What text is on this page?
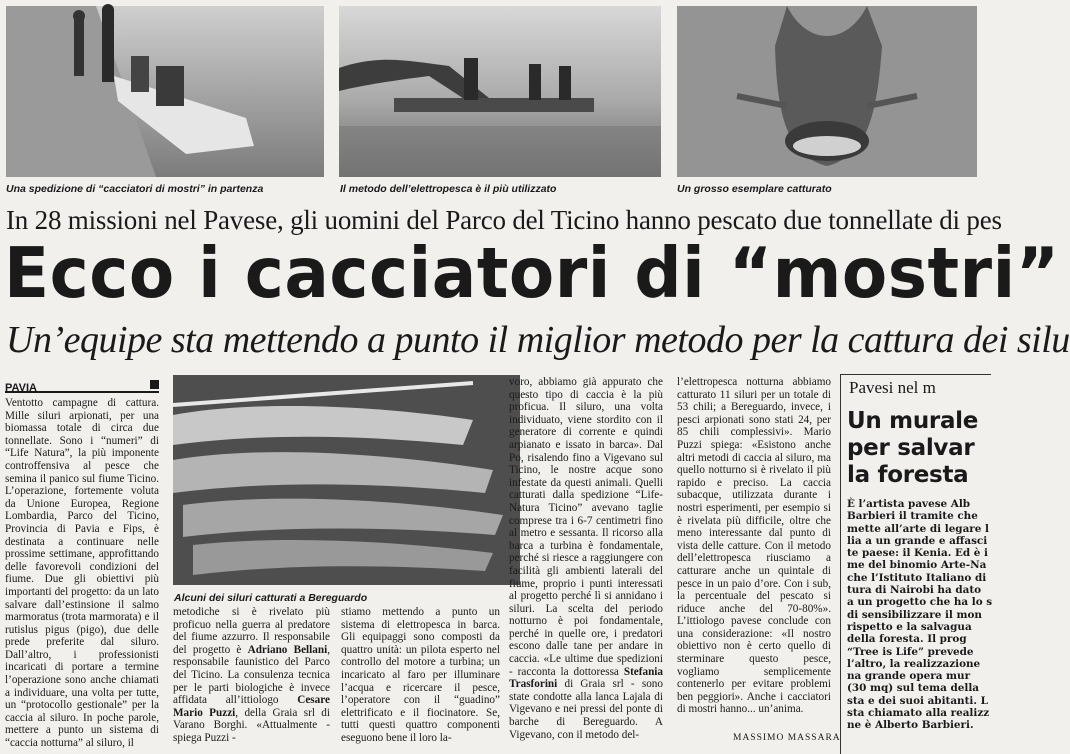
Una spedizione di “cacciatori di mostri” in partenza	Il metodo dell’elettropesca è il più utilizzato	Un grosso esemplare catturato
In 28 missioni nel Pavese, gli uomini del Parco del Ticino hanno pescato due tonnellate di pes
Ecco i cacciatori di “mostri”
Un’equipe sta mettendo a punto il miglior metodo per la cattura dei silu
PAVIA

Ventotto campagne di cattura. Mille siluri arpionati, per una biomassa totale di circa due tonnellate. Sono i “numeri” di “Life Natura”, la più imponente controffensiva al pesce che semina il panico sul fiume Ticino. L’operazione, fortemente voluta da Unione Europea, Regione Lombardia, Parco del Ticino, Provincia di Pavia e Fips, è destinata a continuare nelle prossime settimane, approfittando delle favorevoli condizioni del fiume. Due gli obiettivi più importanti del progetto: da un lato salvare dall’estinsione il salmo marmoratus (trota marmorata) e il rutislus pigus (pigo), due delle prede preferite dal siluro. Dall’altro, i professionisti incaricati di portare a termine l’operazione sono anche chiamati a individuare, una volta per tutte, un “protocollo gestionale” per la caccia al siluro. In poche parole, mettere a punto un sistema di “caccia notturna” al siluro, il

Alcuni dei siluri catturati a Bereguardo

metodiche si è rivelato più proficuo nella guerra al predatore del fiume azzurro. Il responsabile del progetto è Adriano Bellani, responsabile faunistico del Parco del Ticino. La consulenza tecnica per le parti biologiche è invece affidata all’ittiologo Cesare Mario Puzzi, della Graia srl di Varano Borghi. «Attualmente - spiega Puzzi -

stiamo mettendo a punto un sistema di elettropesca in barca. Gli equipaggi sono composti da quattro unità: un pilota esperto nel controllo del motore a turbina; un incaricato al faro per illuminare l’acqua e ricercare il pesce, l’operatore con il “guadino” elettrificato e il fiocinatore. Se, tutti questi quattro componenti eseguono bene il loro la-

voro, abbiamo già appurato che questo tipo di caccia è la più proficua. Il siluro, una volta individuato, viene stordito con il generatore di corrente e quindi arpianato e issato in barca». Dal Po, risalendo fino a Vigevano sul Ticino, le nostre acque sono infestate da questi animali. Quelli catturati dalla spedizione “Life-Natura Ticino” avevano taglie comprese tra i 6-7 centimetri fino al metro e sessanta. Il ricorso alla barca a turbina è fondamentale, perché si riesce a raggiungere con facilità gli ambienti laterali del fiume, proprio i punti interessati al progetto perché lì si annidano i siluri. La scelta del periodo notturno è poi fondamentale, perché in quelle ore, i predatori escono dalle tane per andare in caccia. «Le ultime due spedizioni - racconta la dottoressa Stefania Trasforini di Graia srl - sono state condotte alla lanca Lajala di Vigevano e nei pressi del ponte di barche di Bereguardo. A Vigevano, con il metodo del-

l’elettropesca notturna abbiamo catturato 11 siluri per un totale di 53 chili; a Bereguardo, invece, i pesci arpionati sono stati 24, per 85 chili complessivi». Mario Puzzi spiega: «Esistono anche altri metodi di caccia al siluro, ma quello notturno si è rivelato il più rapido e preciso. La caccia subacque, utilizzata durante i nostri esperimenti, per esempio si è rivelata più difficile, oltre che meno interessante dal punto di vista delle catture. Con il metodo dell’elettropesca riusciamo a catturare anche un quintale di pesce in un paio d’ore. Con i sub, la percentuale del pescato si riduce anche del 70-80%». L’ittiologo pavese conclude con una considerazione: «Il nostro obiettivo non è certo quello di sterminare questo pesce, vogliamo semplicemente contenerlo per evitare problemi ben peggiori». Anche i cacciatori di mostri hanno... un’anima.

MASSIMO MASSARA
Pavesi nel m
Un murale
per salvar
la foresta
È l’artista pavese Alb
Barbieri il tramite che
mette all’arte di legare l
lia a un grande e affasci
te paese: il Kenia. Ed è i
me del binomio Arte-Na
che l’Istituto Italiano di
tura di Nairobi ha dato
a un progetto che ha lo s
di sensibilizzare il mon
rispetto e la salvagua
della foresta. Il prog
“Tree is Life” prevede
l’altro, la realizzazione
na grande opera mur
(30 mq) sul tema della
sta e dei suoi abitanti. L
sta chiamato alla realizz
ne è Alberto Barbieri.
